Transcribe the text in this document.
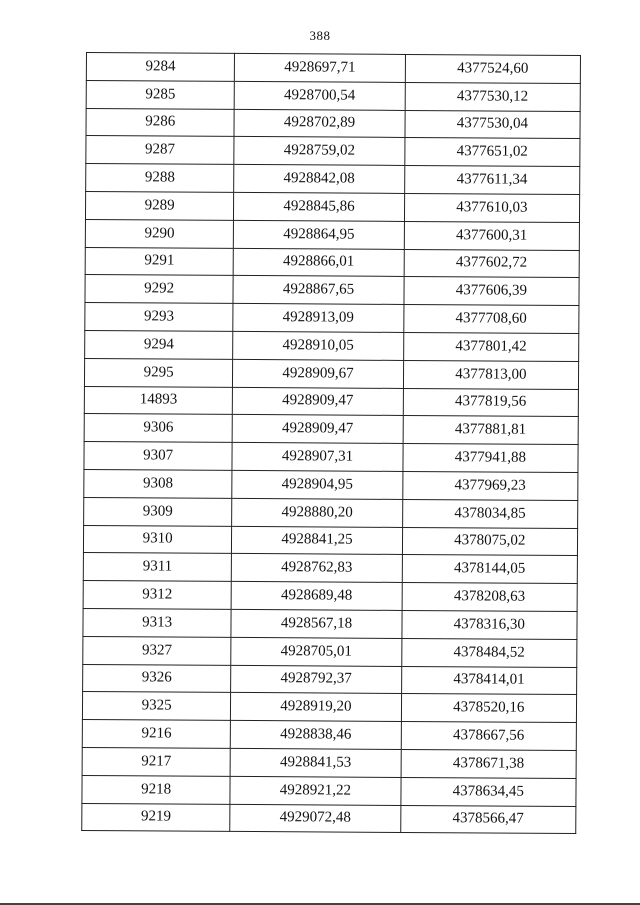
388
9284	4928697,71	4377524,60
9285	4928700,54	4377530,12
9286	4928702,89	4377530,04
9287	4928759,02	4377651,02
9288	4928842,08	4377611,34
9289	4928845,86	4377610,03
9290	4928864,95	4377600,31
9291	4928866,01	4377602,72
9292	4928867,65	4377606,39
9293	4928913,09	4377708,60
9294	4928910,05	4377801,42
9295	4928909,67	4377813,00
14893	4928909,47	4377819,56
9306	4928909,47	4377881,81
9307	4928907,31	4377941,88
9308	4928904,95	4377969,23
9309	4928880,20	4378034,85
9310	4928841,25	4378075,02
9311	4928762,83	4378144,05
9312	4928689,48	4378208,63
9313	4928567,18	4378316,30
9327	4928705,01	4378484,52
9326	4928792,37	4378414,01
9325	4928919,20	4378520,16
9216	4928838,46	4378667,56
9217	4928841,53	4378671,38
9218	4928921,22	4378634,45
9219	4929072,48	4378566,47
